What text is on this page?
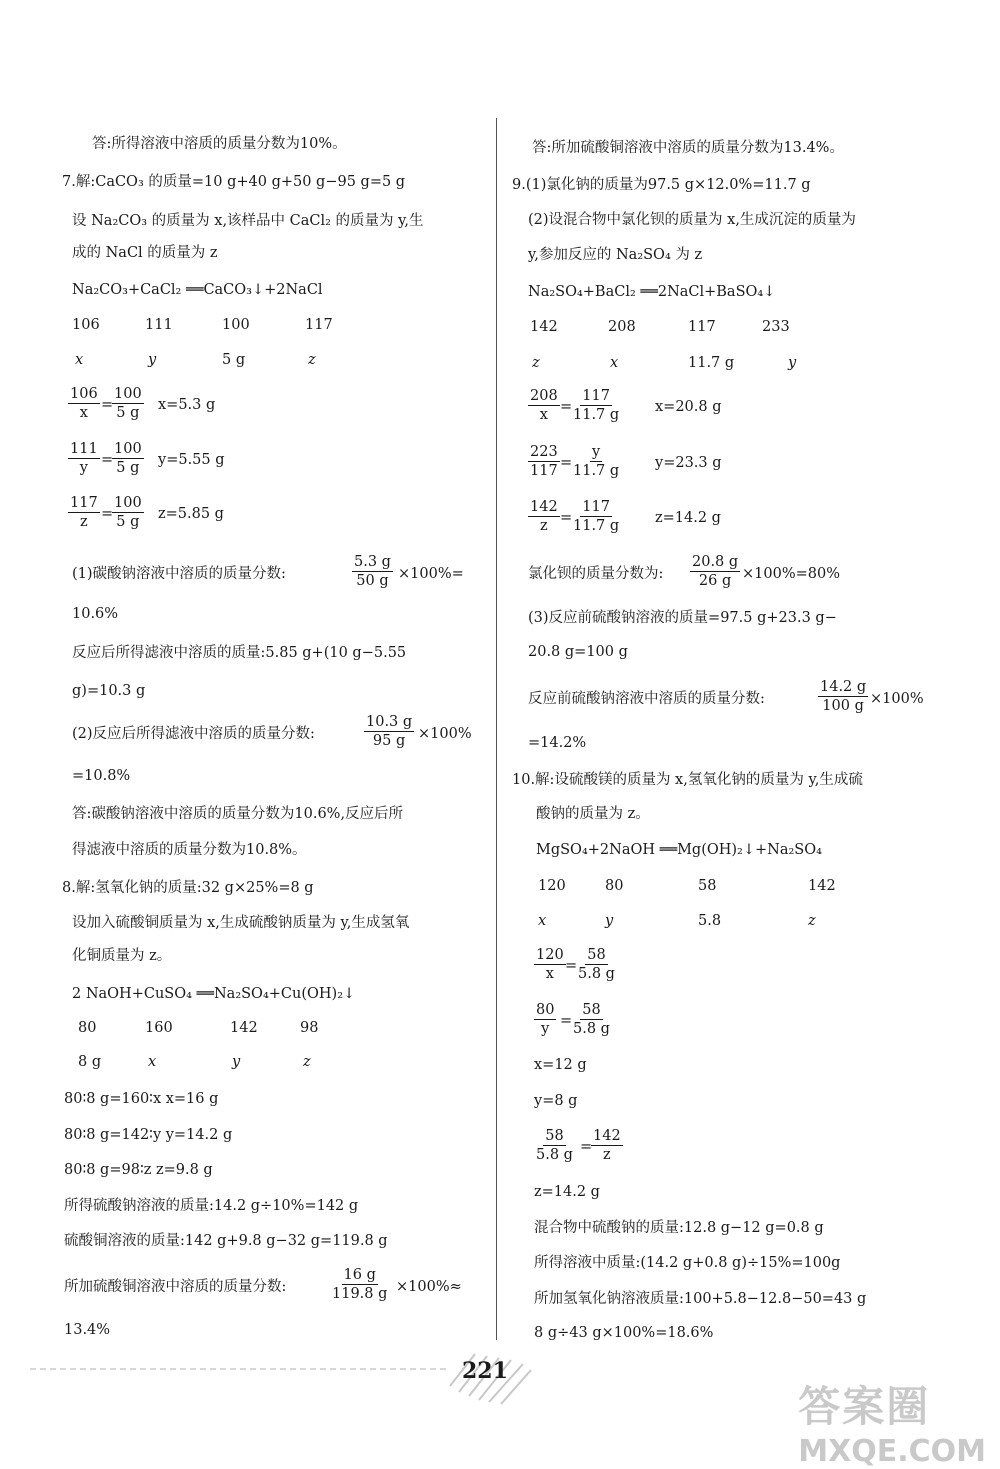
答:所得溶液中溶质的质量分数为10%。
7.解:CaCO₃ 的质量=10 g+40 g+50 g−95 g=5 g
设 Na₂CO₃ 的质量为 x,该样品中 CaCl₂ 的质量为 y,生
成的 NaCl 的质量为 z
Na₂CO₃+CaCl₂ ══CaCO₃↓+2NaCl
106	111	100	117
x	y	5 g	z
$\frac{106}{x}$ =
$\frac{100}{5 g} x=5.3$ g
$\frac{111}{y}$ =
$\frac{100}{5 g} y=5.55$ g
$\frac{117}{z}$ =
$\frac{100}{5 g} z=5.85$ g
(1)碳酸钠溶液中溶质的质量分数:	$\frac{5.3 g}{50 g} \times 100\%=$
10.6%
反应后所得滤液中溶质的质量:5.85 g+(10 g−5.55
g)=10.3 g
(2)反应后所得滤液中溶质的质量分数:	$\frac{10.3 g}{95 g} \times 100\%$
=10.8%
答:碳酸钠溶液中溶质的质量分数为10.6%,反应后所
得滤液中溶质的质量分数为10.8%。
8.解:氢氧化钠的质量:32 g×25%=8 g
设加入硫酸铜质量为 x,生成硫酸钠质量为 y,生成氢氧
化铜质量为 z。
2 NaOH+CuSO₄ ══Na₂SO₄+Cu(OH)₂↓
80	160	142	98
8 g	x	y	z
80∶8 g=160∶x x=16 g
80∶8 g=142∶y y=14.2 g
80∶8 g=98∶z z=9.8 g
所得硫酸钠溶液的质量:14.2 g÷10%=142 g
硫酸铜溶液的质量:142 g+9.8 g−32 g=119.8 g
所加硫酸铜溶液中溶质的质量分数:	$\frac{16 g}{119.8 g} \times 100\%\approx$
13.4%
答:所加硫酸铜溶液中溶质的质量分数为13.4%。
9.(1)氯化钠的质量为97.5 g×12.0%=11.7 g
(2)设混合物中氯化钡的质量为 x,生成沉淀的质量为
y,参加反应的 Na₂SO₄ 为 z
Na₂SO₄+BaCl₂ ══2NaCl+BaSO₄↓
142	208	117	233
z	x	11.7 g	y
$\frac{208}{x}$ =
$\frac{117}{11.7 g} x=20.8$ g
$\frac{223}{117}$ =
$\frac{y}{11.7 g} y=23.3$ g
$\frac{142}{z}$ =
$\frac{117}{11.7 g} z=14.2$ g
氯化钡的质量分数为: $\frac{20.8 g}{26 g} \times 100\%=80\%$
(3)反应前硫酸钠溶液的质量=97.5 g+23.3 g−
20.8 g=100 g
反应前硫酸钠溶液中溶质的质量分数:	$\frac{14.2 g}{100 g} \times 100\%$
=14.2%
10.解:设硫酸镁的质量为 x,氢氧化钠的质量为 y,生成硫
酸钠的质量为 z。
MgSO₄+2NaOH ══Mg(OH)₂↓+Na₂SO₄
120	80	58	142
x	y	5.8	z
$\frac{120}{x}$ =
$\frac{58}{5.8 g}$
$\frac{80}{y}$ =
$\frac{58}{5.8 g}$
x=12 g
y=8 g
$\frac{58}{5.8 g}$ =
$\frac{142}{z}$
z=14.2 g
混合物中硫酸钠的质量:12.8 g−12 g=0.8 g
所得溶液中质量:(14.2 g+0.8 g)÷15%=100g
所加氢氧化钠溶液质量:100+5.8−12.8−50=43 g
8 g÷43 g×100%=18.6%
221
答案圈
MXQE.COM
